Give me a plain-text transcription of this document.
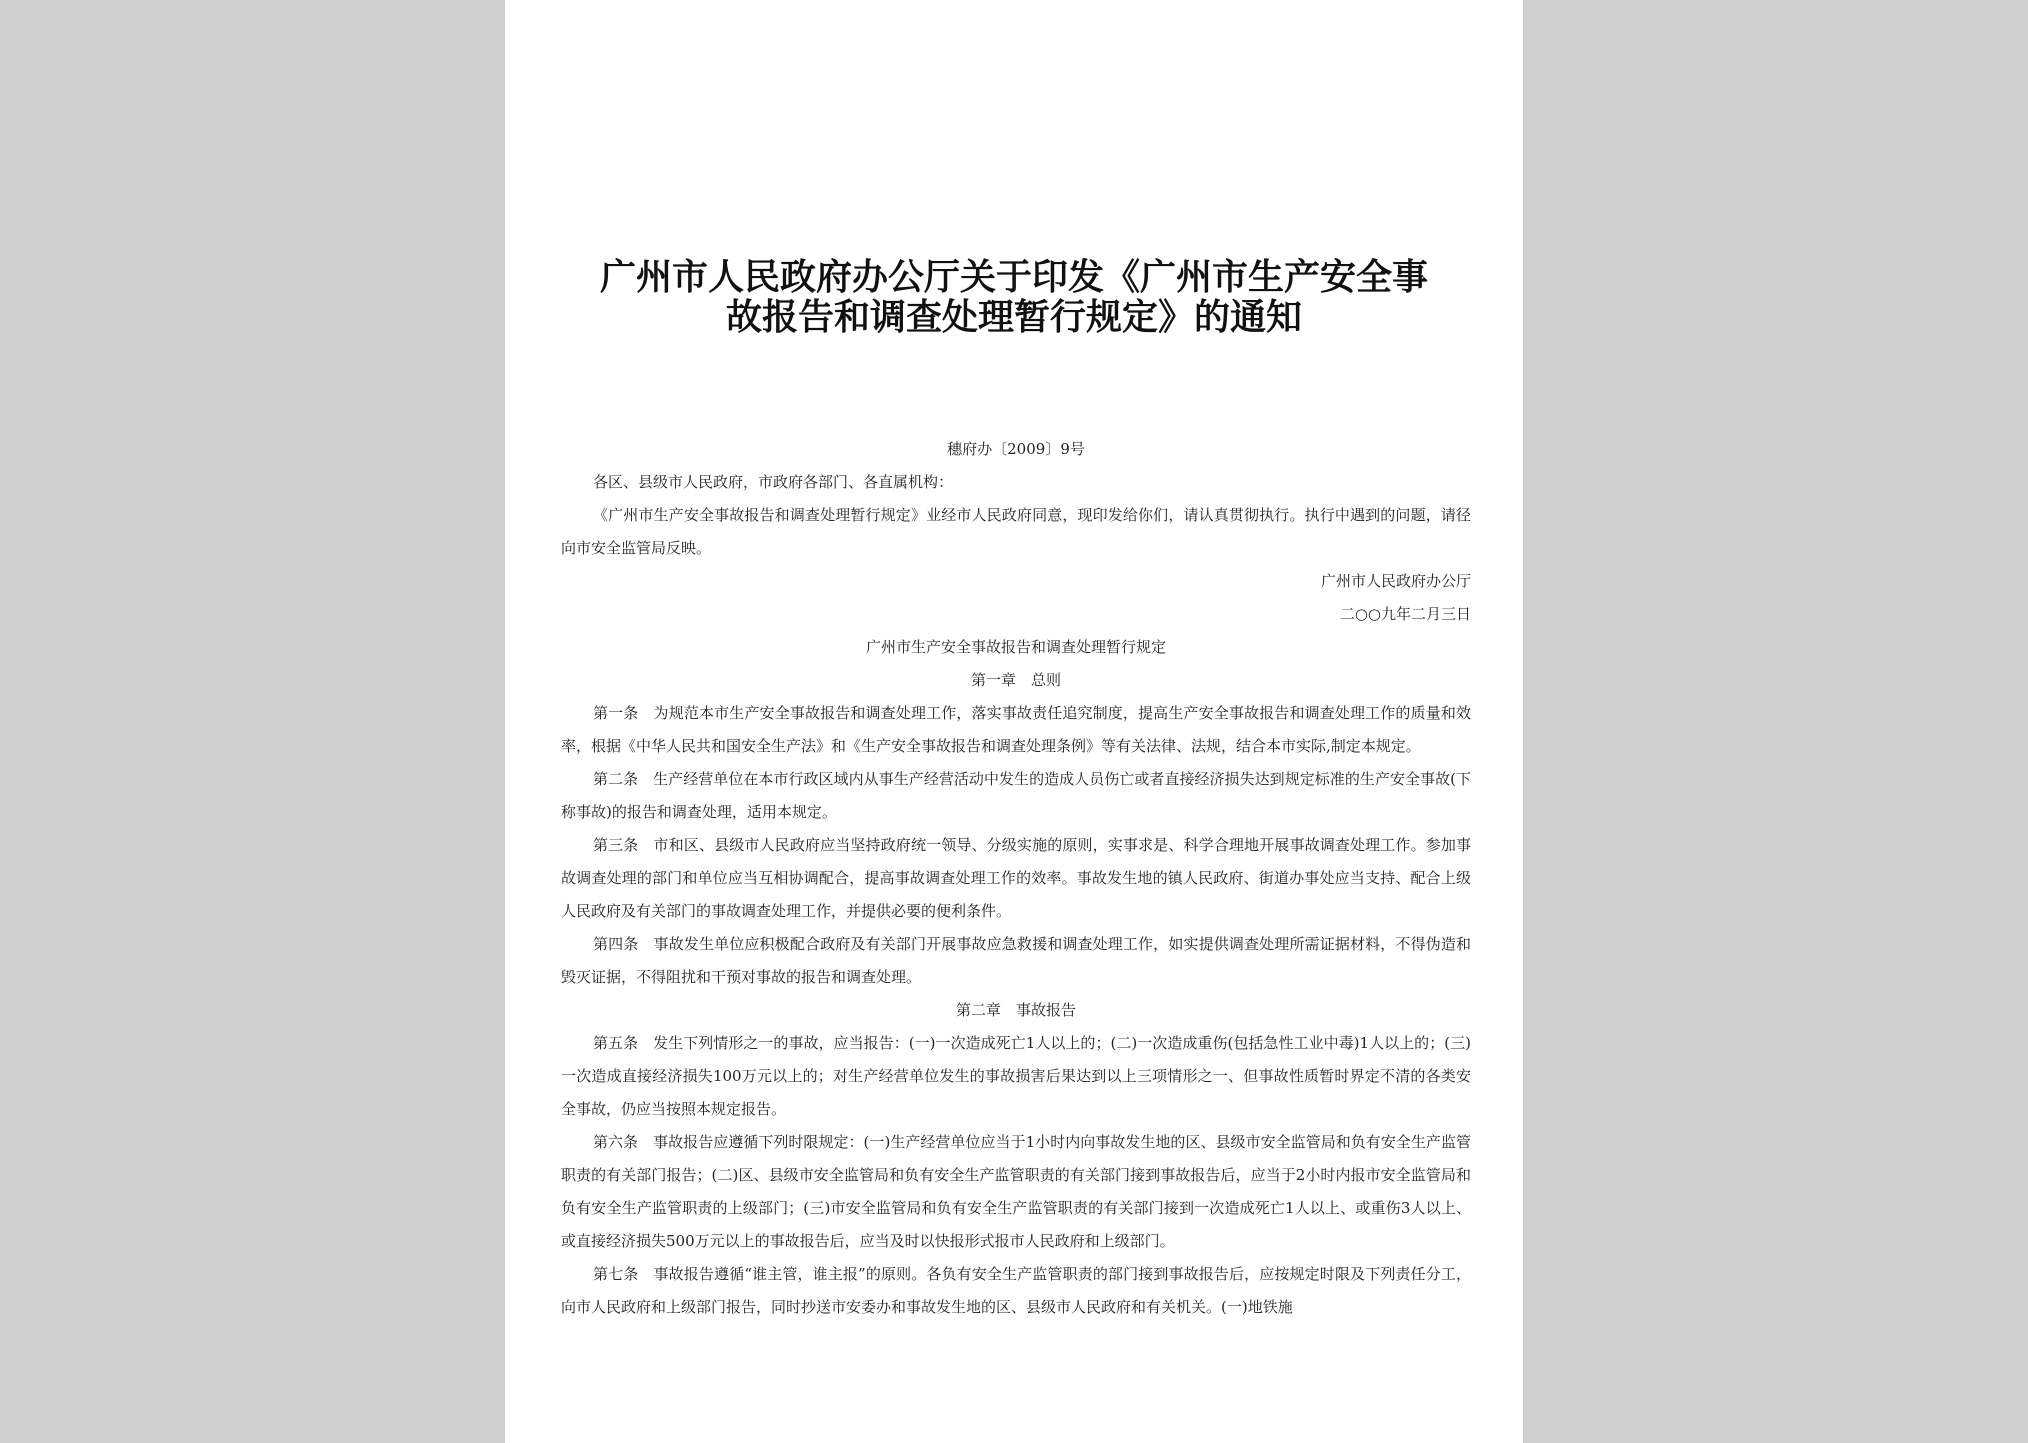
广州市人民政府办公厅关于印发《广州市生产安全事
故报告和调查处理暂行规定》的通知

穗府办〔2009〕9号

各区、县级市人民政府，市政府各部门、各直属机构：

《广州市生产安全事故报告和调查处理暂行规定》业经市人民政府同意，现印发给你们，请认真贯彻执行。执行中遇到的问题，请径向市安全监管局反映。

广州市人民政府办公厅

二○○九年二月三日

广州市生产安全事故报告和调查处理暂行规定

第一章　总则

第一条　为规范本市生产安全事故报告和调查处理工作，落实事故责任追究制度，提高生产安全事故报告和调查处理工作的质量和效率，根据《中华人民共和国安全生产法》和《生产安全事故报告和调查处理条例》等有关法律、法规，结合本市实际,制定本规定。

第二条　生产经营单位在本市行政区域内从事生产经营活动中发生的造成人员伤亡或者直接经济损失达到规定标准的生产安全事故(下称事故)的报告和调查处理，适用本规定。

第三条　市和区、县级市人民政府应当坚持政府统一领导、分级实施的原则，实事求是、科学合理地开展事故调查处理工作。参加事故调查处理的部门和单位应当互相协调配合，提高事故调查处理工作的效率。事故发生地的镇人民政府、街道办事处应当支持、配合上级人民政府及有关部门的事故调查处理工作，并提供必要的便利条件。

第四条　事故发生单位应积极配合政府及有关部门开展事故应急救援和调查处理工作，如实提供调查处理所需证据材料，不得伪造和毁灭证据，不得阻扰和干预对事故的报告和调查处理。

第二章　事故报告

第五条　发生下列情形之一的事故，应当报告：(一)一次造成死亡1人以上的；(二)一次造成重伤(包括急性工业中毒)1人以上的；(三)一次造成直接经济损失100万元以上的；对生产经营单位发生的事故损害后果达到以上三项情形之一、但事故性质暂时界定不清的各类安全事故，仍应当按照本规定报告。

第六条　事故报告应遵循下列时限规定：(一)生产经营单位应当于1小时内向事故发生地的区、县级市安全监管局和负有安全生产监管职责的有关部门报告；(二)区、县级市安全监管局和负有安全生产监管职责的有关部门接到事故报告后，应当于2小时内报市安全监管局和负有安全生产监管职责的上级部门；(三)市安全监管局和负有安全生产监管职责的有关部门接到一次造成死亡1人以上、或重伤3人以上、或直接经济损失500万元以上的事故报告后，应当及时以快报形式报市人民政府和上级部门。

第七条　事故报告遵循“谁主管，谁主报”的原则。各负有安全生产监管职责的部门接到事故报告后，应按规定时限及下列责任分工，向市人民政府和上级部门报告，同时抄送市安委办和事故发生地的区、县级市人民政府和有关机关。(一)地铁施
